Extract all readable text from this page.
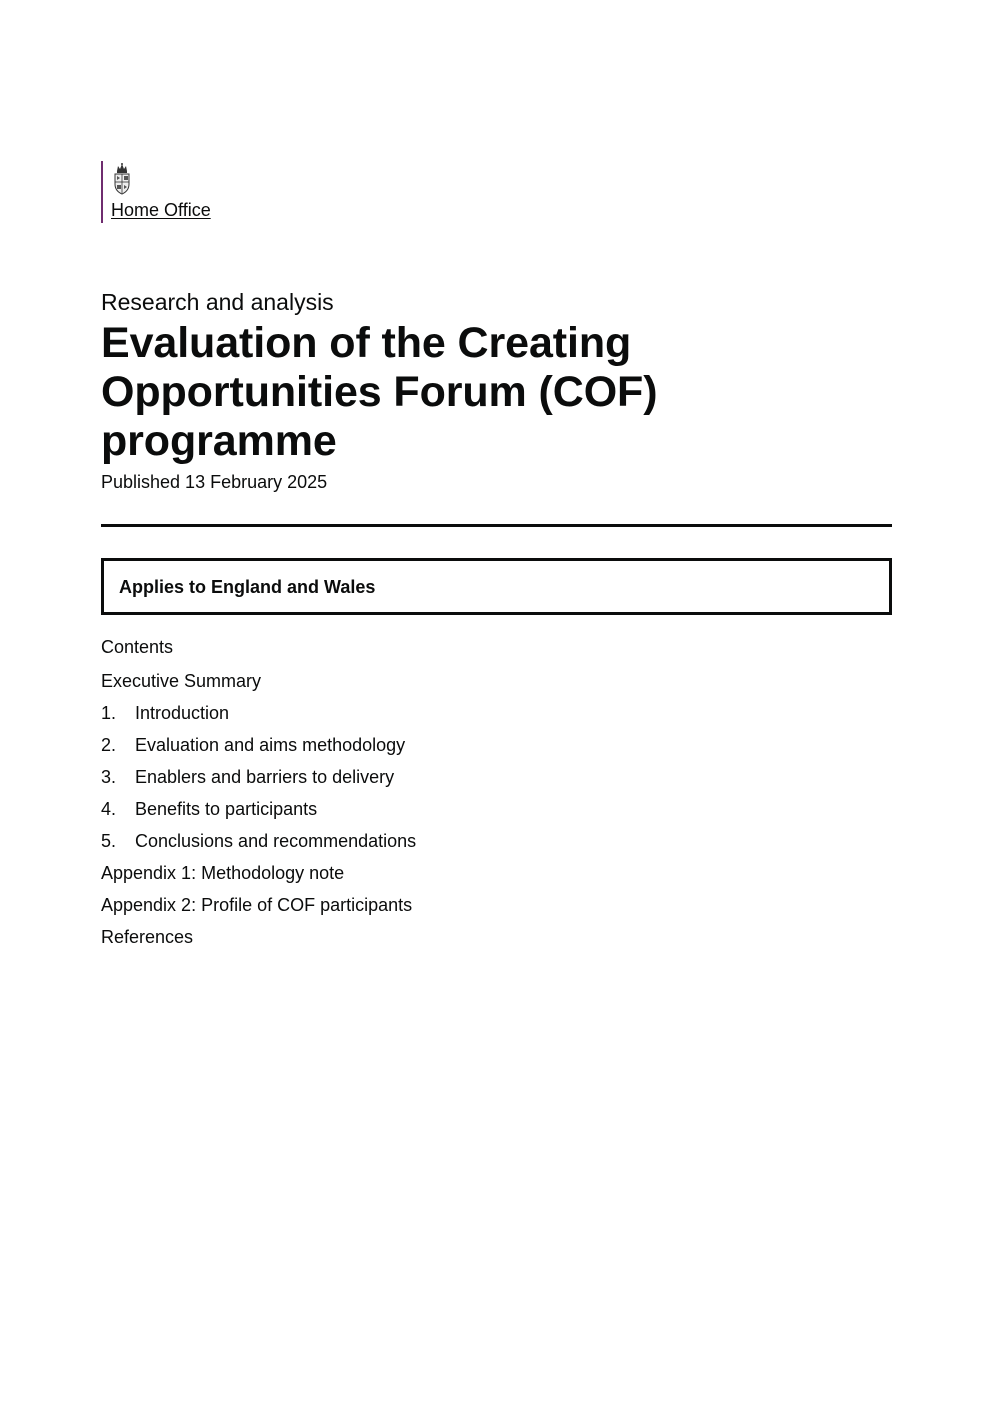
Home Office
Research and analysis
Evaluation of the Creating Opportunities Forum (COF) programme
Published 13 February 2025
Applies to England and Wales
Contents
Executive Summary
1. Introduction
2. Evaluation and aims methodology
3. Enablers and barriers to delivery
4. Benefits to participants
5. Conclusions and recommendations
Appendix 1: Methodology note
Appendix 2: Profile of COF participants
References
